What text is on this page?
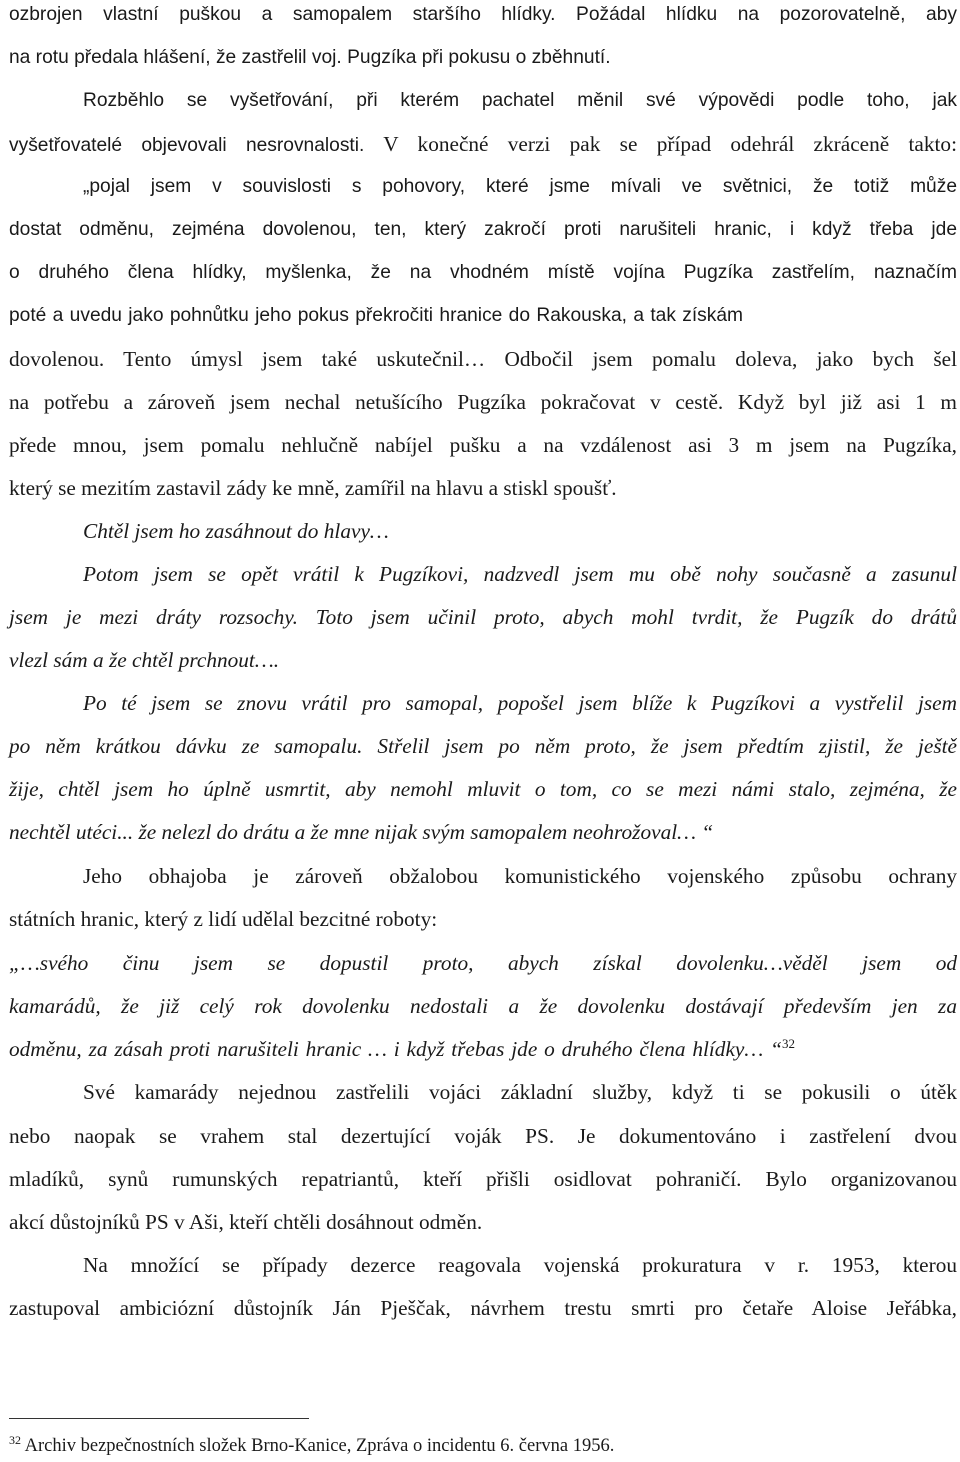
ozbrojen vlastní puškou a samopalem staršího hlídky. Požádal hlídku na pozorovatelně, aby
na rotu předala hlášení, že zastřelil voj. Pugzíka při pokusu o zběhnutí.
Rozběhlo se vyšetřování, při kterém pachatel měnil své výpovědi podle toho, jak
vyšetřovatelé objevovali nesrovnalosti. V konečné verzi pak se případ odehrál zkráceně takto:
„pojal jsem v souvislosti s pohovory, které jsme mívali ve světnici, že totiž může
dostat odměnu, zejména dovolenou, ten, který zakročí proti narušiteli hranic, i když třeba jde
o druhého člena hlídky, myšlenka, že na vhodném místě vojína Pugzíka zastřelím, naznačím
poté a uvedu jako pohnůtku jeho pokus překročiti hranice do Rakouska, a tak získám
dovolenou. Tento úmysl jsem také uskutečnil… Odbočil jsem pomalu doleva, jako bych šel
na potřebu a zároveň jsem nechal netušícího Pugzíka pokračovat v cestě. Když byl již asi 1 m
přede mnou, jsem pomalu nehlučně nabíjel pušku a na vzdálenost asi 3 m jsem na Pugzíka,
který se mezitím zastavil zády ke mně, zamířil na hlavu a stiskl spoušť.
Chtěl jsem ho zasáhnout do hlavy…
Potom jsem se opět vrátil k Pugzíkovi, nadzvedl jsem mu obě nohy současně a zasunul
jsem je mezi dráty rozsochy. Toto jsem učinil proto, abych mohl tvrdit, že Pugzík do drátů
vlezl sám a že chtěl prchnout….
Po té jsem se znovu vrátil pro samopal, popošel jsem blíže k Pugzíkovi a vystřelil jsem
po něm krátkou dávku ze samopalu. Střelil jsem po něm proto, že jsem předtím zjistil, že ještě
žije, chtěl jsem ho úplně usmrtit, aby nemohl mluvit o tom, co se mezi námi stalo, zejména, že
nechtěl utéci... že nelezl do drátu a že mne nijak svým samopalem neohrožoval… “
Jeho obhajoba je zároveň obžalobou komunistického vojenského způsobu ochrany
státních hranic, který z lidí udělal bezcitné roboty:
„…svého činu jsem se dopustil proto, abych získal dovolenku…věděl jsem od
kamarádů, že již celý rok dovolenku nedostali a že dovolenku dostávají především jen za
odměnu, za zásah proti narušiteli hranic … i když třebas jde o druhého člena hlídky… “$^{32}$
Své kamarády nejednou zastřelili vojáci základní služby, když ti se pokusili o útěk
nebo naopak se vrahem stal dezertující voják PS. Je dokumentováno i zastřelení dvou
mladíků, synů rumunských repatriantů, kteří přišli osidlovat pohraničí. Bylo organizovanou
akcí důstojníků PS v Aši, kteří chtěli dosáhnout odměn.
Na množící se případy dezerce reagovala vojenská prokuratura v r. 1953, kterou
zastupoval ambiciózní důstojník Ján Pješčak, návrhem trestu smrti pro četaře Aloise Jeřábka,
$^{32}$ Archiv bezpečnostních složek Brno-Kanice, Zpráva o incidentu 6. června 1956.
